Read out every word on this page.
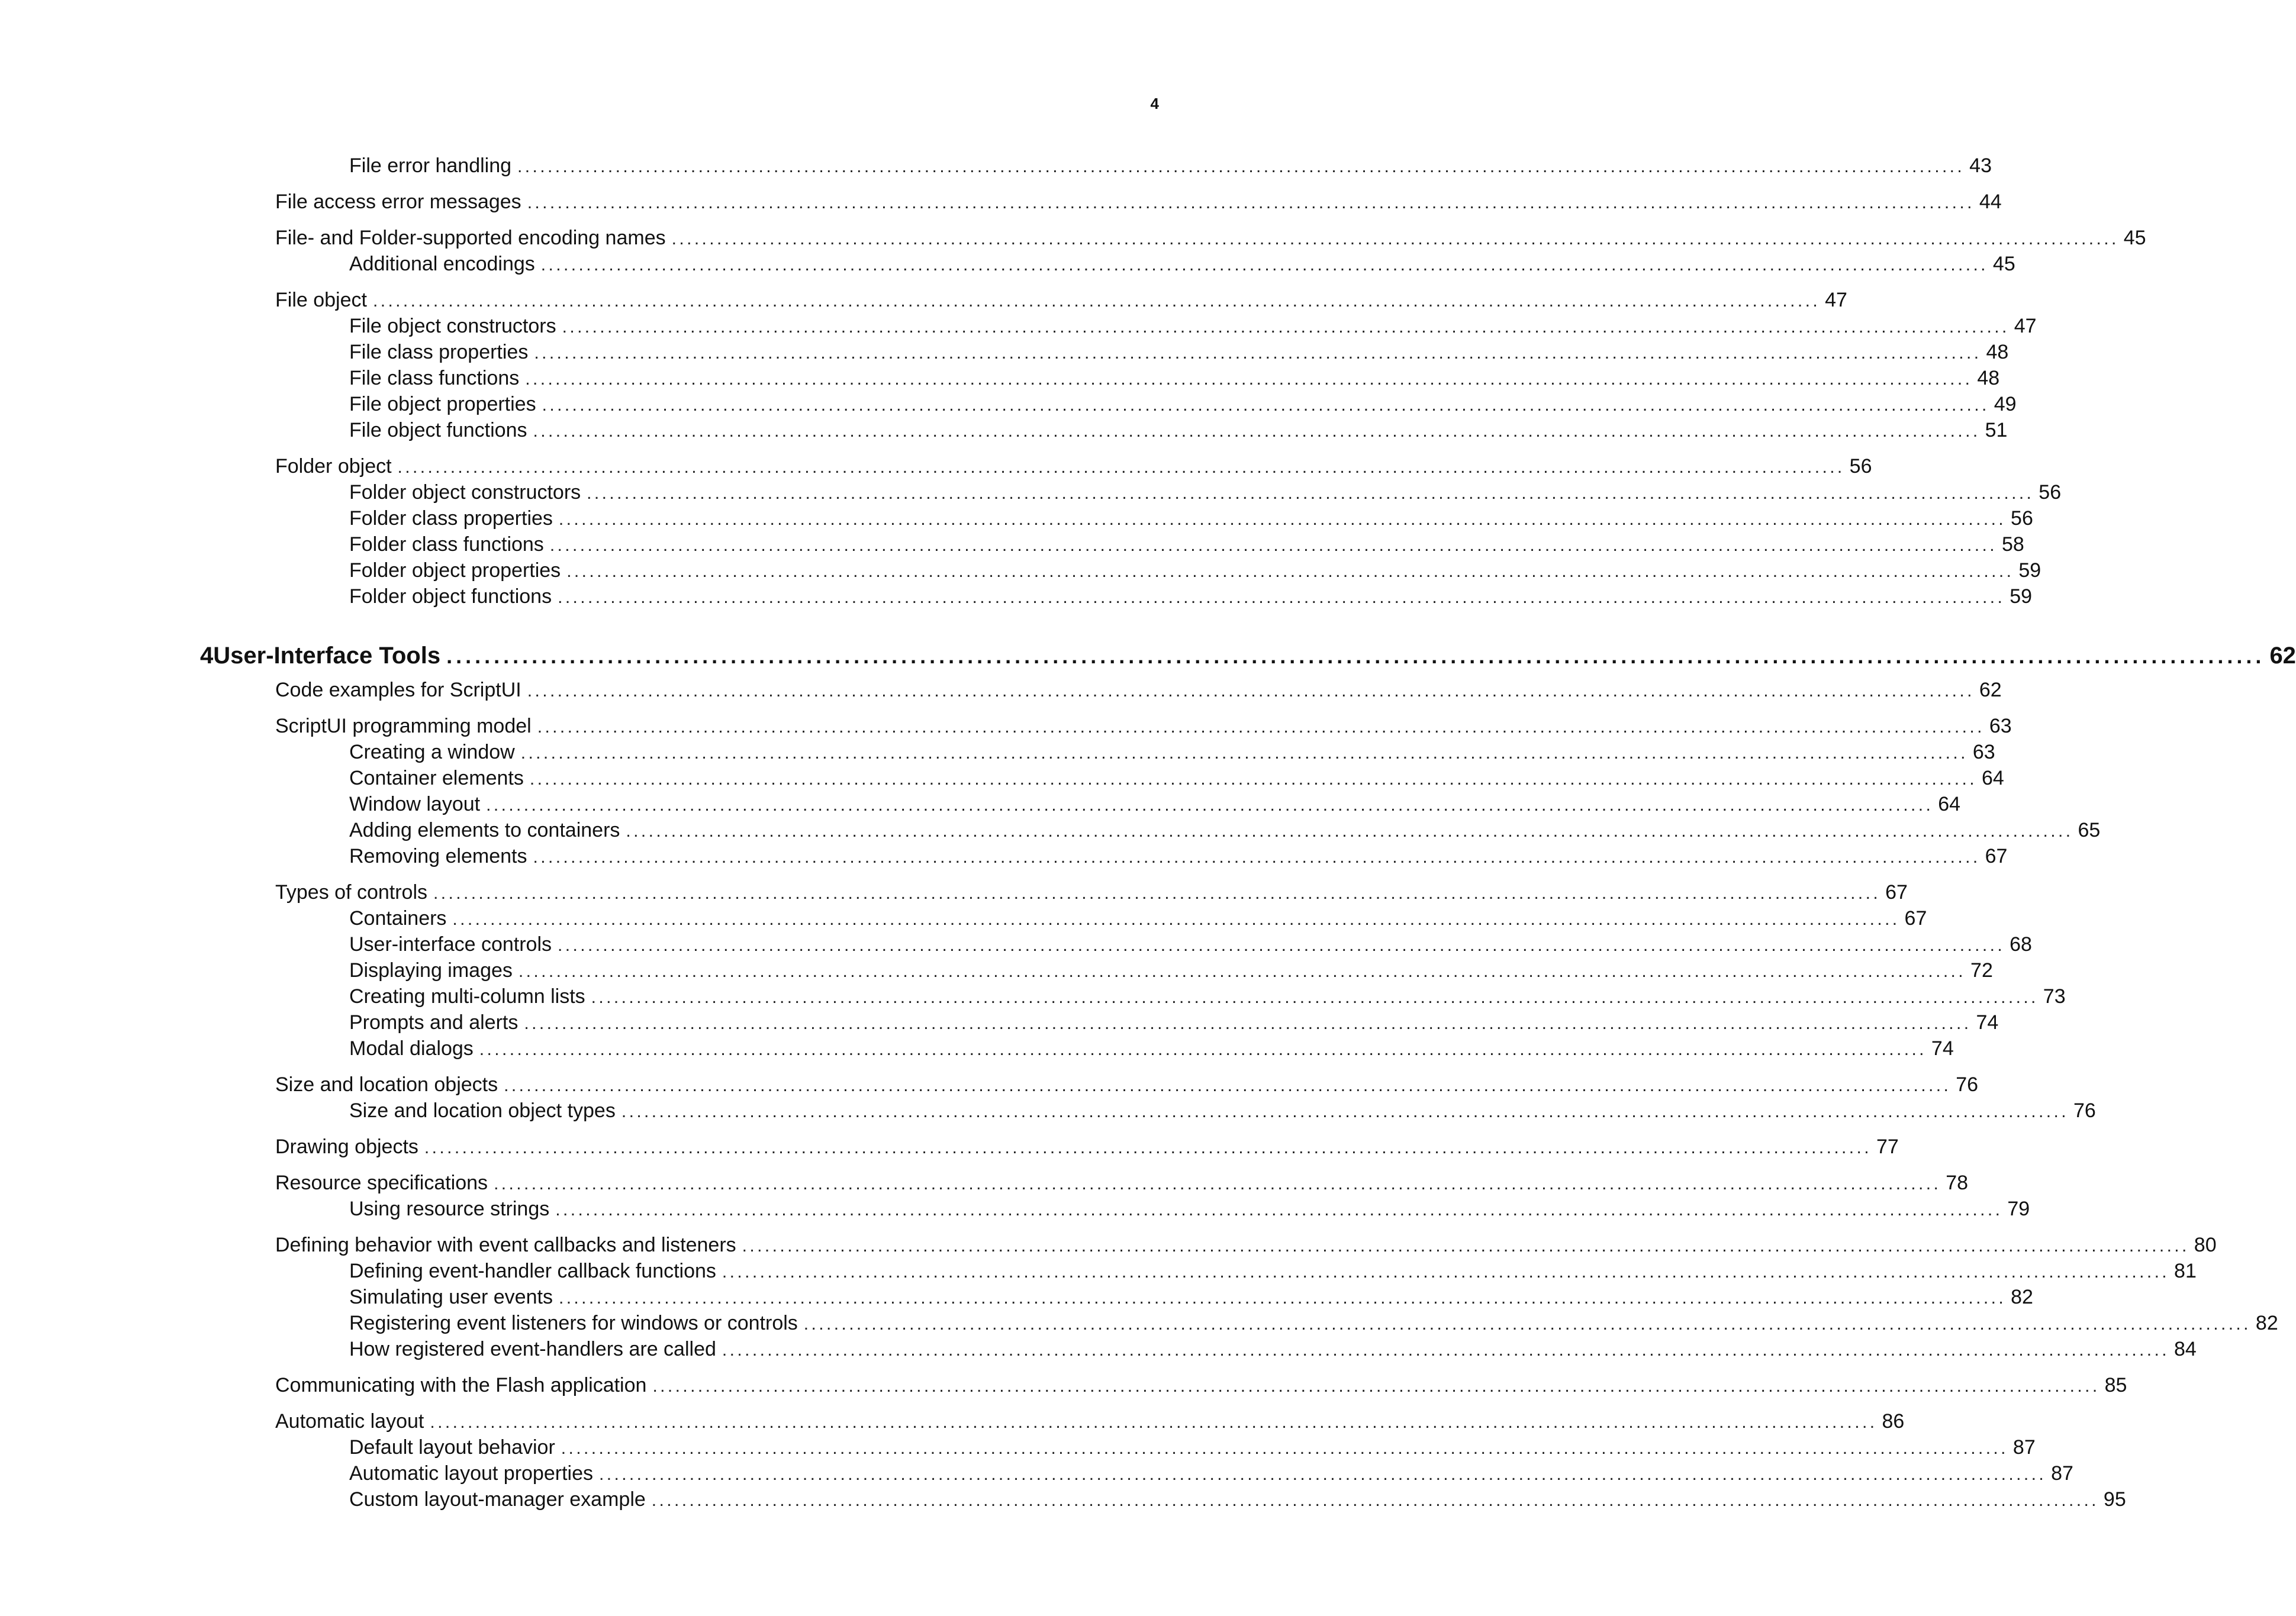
4
File error handling ................................................................................................................................................................................................ 43
File access error messages ................................................................................................................................................................................................ 44
File- and Folder-supported encoding names ................................................................................................................................................................................................ 45
Additional encodings ................................................................................................................................................................................................ 45
File object ................................................................................................................................................................................................ 47
File object constructors ................................................................................................................................................................................................ 47
File class properties ................................................................................................................................................................................................ 48
File class functions ................................................................................................................................................................................................ 48
File object properties ................................................................................................................................................................................................ 49
File object functions ................................................................................................................................................................................................ 51
Folder object ................................................................................................................................................................................................ 56
Folder object constructors ................................................................................................................................................................................................ 56
Folder class properties ................................................................................................................................................................................................ 56
Folder class functions ................................................................................................................................................................................................ 58
Folder object properties ................................................................................................................................................................................................ 59
Folder object functions ................................................................................................................................................................................................ 59
4 User-Interface Tools ................................................................................................................................................................................................ 62
Code examples for ScriptUI ................................................................................................................................................................................................ 62
ScriptUI programming model ................................................................................................................................................................................................ 63
Creating a window ................................................................................................................................................................................................ 63
Container elements ................................................................................................................................................................................................ 64
Window layout ................................................................................................................................................................................................ 64
Adding elements to containers ................................................................................................................................................................................................ 65
Removing elements ................................................................................................................................................................................................ 67
Types of controls ................................................................................................................................................................................................ 67
Containers ................................................................................................................................................................................................ 67
User-interface controls ................................................................................................................................................................................................ 68
Displaying images ................................................................................................................................................................................................ 72
Creating multi-column lists ................................................................................................................................................................................................ 73
Prompts and alerts ................................................................................................................................................................................................ 74
Modal dialogs ................................................................................................................................................................................................ 74
Size and location objects ................................................................................................................................................................................................ 76
Size and location object types ................................................................................................................................................................................................ 76
Drawing objects ................................................................................................................................................................................................ 77
Resource specifications ................................................................................................................................................................................................ 78
Using resource strings ................................................................................................................................................................................................ 79
Defining behavior with event callbacks and listeners ................................................................................................................................................................................................ 80
Defining event-handler callback functions ................................................................................................................................................................................................ 81
Simulating user events ................................................................................................................................................................................................ 82
Registering event listeners for windows or controls ................................................................................................................................................................................................ 82
How registered event-handlers are called ................................................................................................................................................................................................ 84
Communicating with the Flash application ................................................................................................................................................................................................ 85
Automatic layout ................................................................................................................................................................................................ 86
Default layout behavior ................................................................................................................................................................................................ 87
Automatic layout properties ................................................................................................................................................................................................ 87
Custom layout-manager example ................................................................................................................................................................................................ 95
